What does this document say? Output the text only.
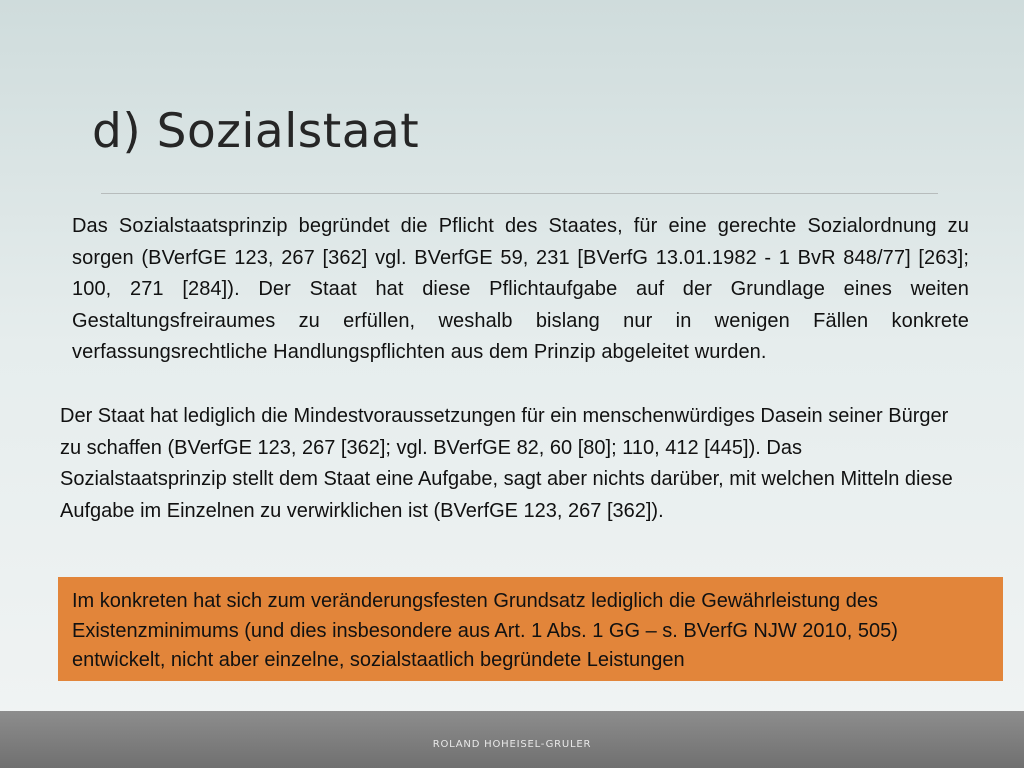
d) Sozialstaat

Das Sozialstaatsprinzip begründet die Pflicht des Staates, für eine gerechte Sozialordnung zu sorgen (BVerfGE 123, 267 [362] vgl. BVerfGE 59, 231 [BVerfG 13.01.1982 - 1 BvR 848/77] [263]; 100, 271 [284]). Der Staat hat diese Pflichtaufgabe auf der Grundlage eines weiten Gestaltungsfreiraumes zu erfüllen, weshalb bislang nur in wenigen Fällen konkrete verfassungsrechtliche Handlungspflichten aus dem Prinzip abgeleitet wurden.

Der Staat hat lediglich die Mindestvoraussetzungen für ein menschenwürdiges Dasein seiner Bürger zu schaffen (BVerfGE 123, 267 [362]; vgl. BVerfGE 82, 60 [80]; 110, 412 [445]). Das Sozialstaatsprinzip stellt dem Staat eine Aufgabe, sagt aber nichts darüber, mit welchen Mitteln diese Aufgabe im Einzelnen zu verwirklichen ist (BVerfGE 123, 267 [362]).

Im konkreten hat sich zum veränderungsfesten Grundsatz lediglich die Gewährleistung des Existenzminimums (und dies insbesondere aus Art. 1 Abs. 1 GG – s. BVerfG NJW 2010, 505) entwickelt, nicht aber einzelne, sozialstaatlich begründete Leistungen

ROLAND HOHEISEL-GRULER
